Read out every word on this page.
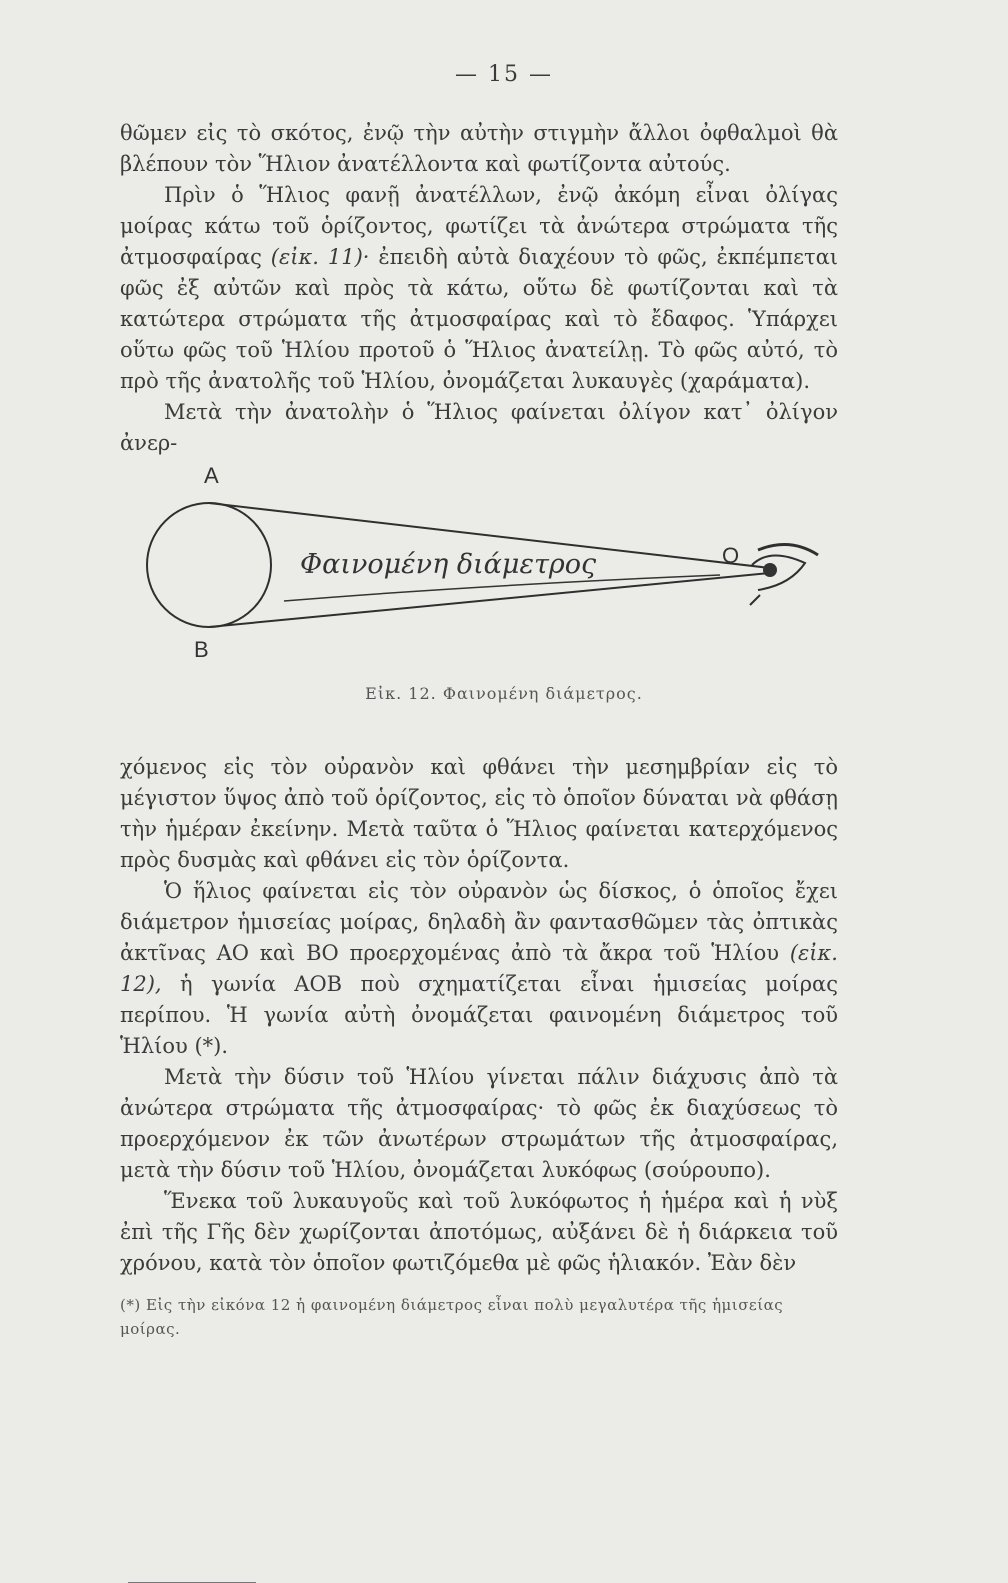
— 15 —

θῶμεν εἰς τὸ σκότος, ἐνῷ τὴν αὐτὴν στιγμὴν ἄλλοι ὀφθαλμοὶ θὰ βλέπουν τὸν Ἥλιον ἀνατέλλοντα καὶ φωτίζοντα αὐτούς.

Πρὶν ὁ Ἥλιος φανῇ ἀνατέλλων, ἐνῷ ἀκόμη εἶναι ὀλίγας μοίρας κάτω τοῦ ὁρίζοντος, φωτίζει τὰ ἀνώτερα στρώματα τῆς ἀτμοσφαίρας (εἰκ. 11)· ἐπειδὴ αὐτὰ διαχέουν τὸ φῶς, ἐκπέμπεται φῶς ἐξ αὐτῶν καὶ πρὸς τὰ κάτω, οὕτω δὲ φωτίζονται καὶ τὰ κατώτερα στρώματα τῆς ἀτμοσφαίρας καὶ τὸ ἔδαφος. Ὑπάρχει οὕτω φῶς τοῦ Ἡλίου προτοῦ ὁ Ἥλιος ἀνατείλῃ. Τὸ φῶς αὐτό, τὸ πρὸ τῆς ἀνατολῆς τοῦ Ἡλίου, ὀνομάζεται λυκαυγὲς (χαράματα).

Μετὰ τὴν ἀνατολὴν ὁ Ἥλιος φαίνεται ὀλίγον κατ᾽ ὀλίγον ἀνερ-

Α
Β
Ο
Φαινομένη διάμετρος
Εἰκ. 12. Φαινομένη διάμετρος.

χόμενος εἰς τὸν οὐρανὸν καὶ φθάνει τὴν μεσημβρίαν εἰς τὸ μέγιστον ὕψος ἀπὸ τοῦ ὁρίζοντος, εἰς τὸ ὁποῖον δύναται νὰ φθάσῃ τὴν ἡμέραν ἐκείνην. Μετὰ ταῦτα ὁ Ἥλιος φαίνεται κατερχόμενος πρὸς δυσμὰς καὶ φθάνει εἰς τὸν ὁρίζοντα.

Ὁ ἥλιος φαίνεται εἰς τὸν οὐρανὸν ὡς δίσκος, ὁ ὁποῖος ἔχει διάμετρον ἡμισείας μοίρας, δηλαδὴ ἂν φαντασθῶμεν τὰς ὀπτικὰς ἀκτῖνας ΑΟ καὶ ΒΟ προερχομένας ἀπὸ τὰ ἄκρα τοῦ Ἡλίου (εἰκ. 12), ἡ γωνία ΑΟΒ ποὺ σχηματίζεται εἶναι ἡμισείας μοίρας περίπου. Ἡ γωνία αὐτὴ ὀνομάζεται φαινομένη διάμετρος τοῦ Ἡλίου (*).

Μετὰ τὴν δύσιν τοῦ Ἡλίου γίνεται πάλιν διάχυσις ἀπὸ τὰ ἀνώτερα στρώματα τῆς ἀτμοσφαίρας· τὸ φῶς ἐκ διαχύσεως τὸ προερχόμενον ἐκ τῶν ἀνωτέρων στρωμάτων τῆς ἀτμοσφαίρας, μετὰ τὴν δύσιν τοῦ Ἡλίου, ὀνομάζεται λυκόφως (σούρουπο).

Ἕνεκα τοῦ λυκαυγοῦς καὶ τοῦ λυκόφωτος ἡ ἡμέρα καὶ ἡ νὺξ ἐπὶ τῆς Γῆς δὲν χωρίζονται ἀποτόμως, αὐξάνει δὲ ἡ διάρκεια τοῦ χρόνου, κατὰ τὸν ὁποῖον φωτιζόμεθα μὲ φῶς ἡλιακόν. Ἐὰν δὲν

(*) Εἰς τὴν εἰκόνα 12 ἡ φαινομένη διάμετρος εἶναι πολὺ μεγαλυτέρα τῆς ἡμισείας μοίρας.
